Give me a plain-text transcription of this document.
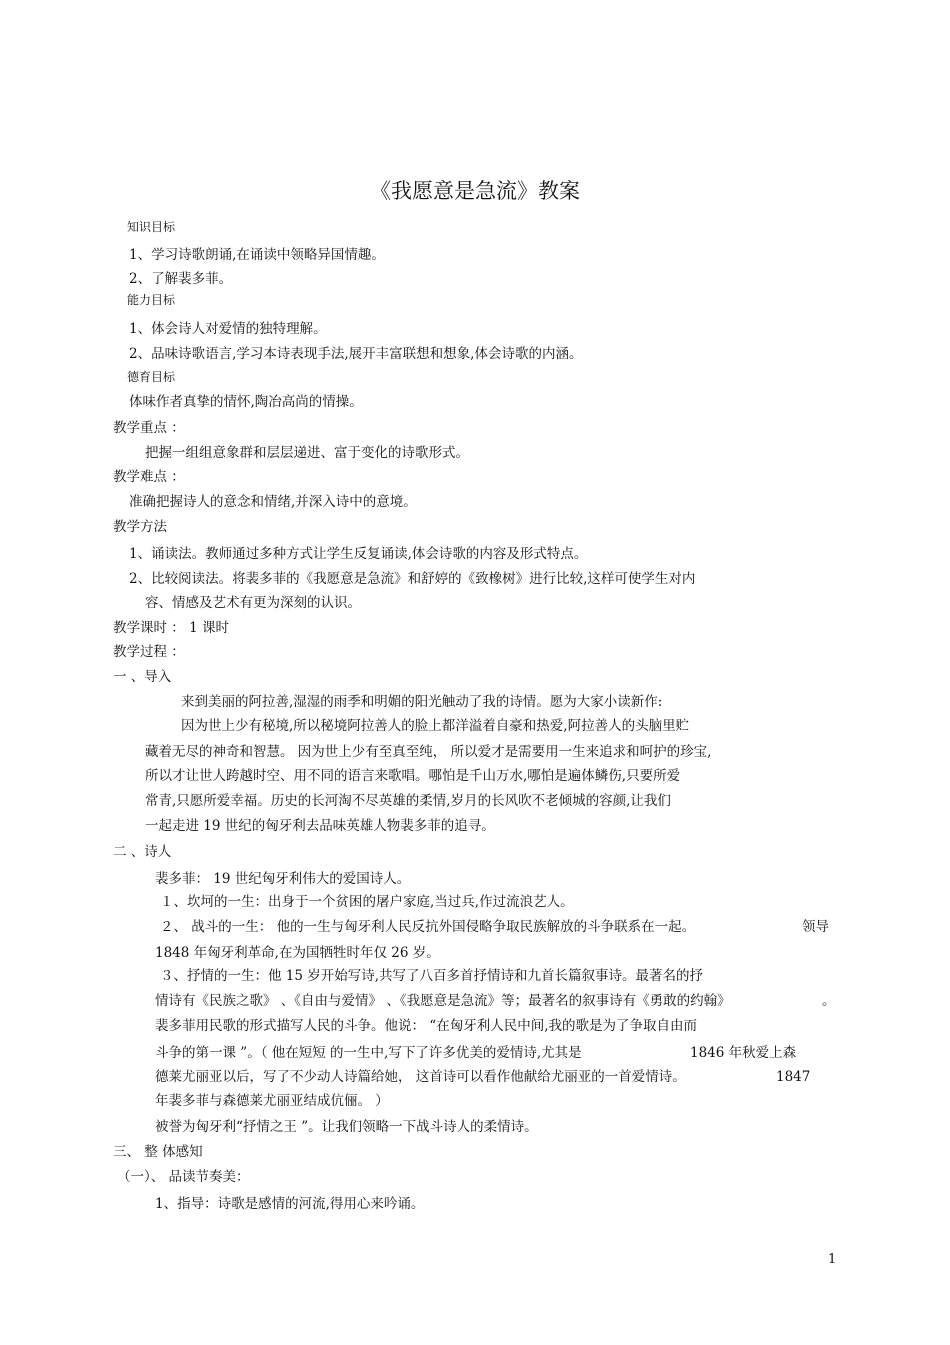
《我愿意是急流》教案
知识目标
1、学习诗歌朗诵,在诵读中领略异国情趣。
2、了解裴多菲。
能力目标
1、体会诗人对爱情的独特理解。
2、品味诗歌语言,学习本诗表现手法,展开丰富联想和想象,体会诗歌的内涵。
德育目标
体味作者真挚的情怀,陶冶高尚的情操。
教学重点 ：
把握一组组意象群和层层递进、富于变化的诗歌形式。
教学难点 ：
准确把握诗人的意念和情绪,并深入诗中的意境。
教学方法
1、诵读法。教师通过多种方式让学生反复诵读,体会诗歌的内容及形式特点。
2、比较阅读法。将裴多菲的《我愿意是急流》和舒婷的《致橡树》进行比较,这样可使学生对内
容、情感及艺术有更为深刻的认识。
教学课时 ： 1 课时
教学过程 ：
一 、导入
来到美丽的阿拉善,湿湿的雨季和明媚的阳光触动了我的诗情。愿为大家小读新作:
因为世上少有秘境,所以秘境阿拉善人的脸上都洋溢着自豪和热爱,阿拉善人的头脑里贮
藏着无尽的神奇和智慧。 因为世上少有至真至纯， 所以爱才是需要用一生来追求和呵护的珍宝,
所以才让世人跨越时空、用不同的语言来歌唱。哪怕是千山万水,哪怕是遍体鳞伤,只要所爱
常青,只愿所爱幸福。历史的长河淘不尽英雄的柔情,岁月的长风吹不老倾城的容颜,让我们
一起走进 19 世纪的匈牙利去品味英雄人物裴多菲的追寻。
二 、诗人
裴多菲： 19 世纪匈牙利伟大的爱国诗人。
１、坎坷的一生：出身于一个贫困的屠户家庭,当过兵,作过流浪艺人。
２、 战斗的一生： 他的一生与匈牙利人民反抗外国侵略争取民族解放的斗争联系在一起。	领导
1848 年匈牙利革命,在为国牺牲时年仅 26 岁。
３、抒情的一生：他 15 岁开始写诗,共写了八百多首抒情诗和九首长篇叙事诗。最著名的抒
情诗有《民族之歌》 、《自由与爱情》 、《我愿意是急流》等；最著名的叙事诗有《勇敢的约翰》	。
裴多菲用民歌的形式描写人民的斗争。他说： “在匈牙利人民中间,我的歌是为了争取自由而
斗争的第一课 ”。（ 他在短短 的一生中,写下了许多优美的爱情诗,尤其是	1846 年秋爱上森
德莱尤丽亚以后，写了不少动人诗篇给她， 这首诗可以看作他献给尤丽亚的一首爱情诗。	1847
年裴多菲与森德莱尤丽亚结成伉俪。 ）
被誉为匈牙利“抒情之王 ”。让我们领略一下战斗诗人的柔情诗。
三、 整 体感知
（一）、 品读节奏美：
1、指导：诗歌是感情的河流,得用心来吟诵。
1
